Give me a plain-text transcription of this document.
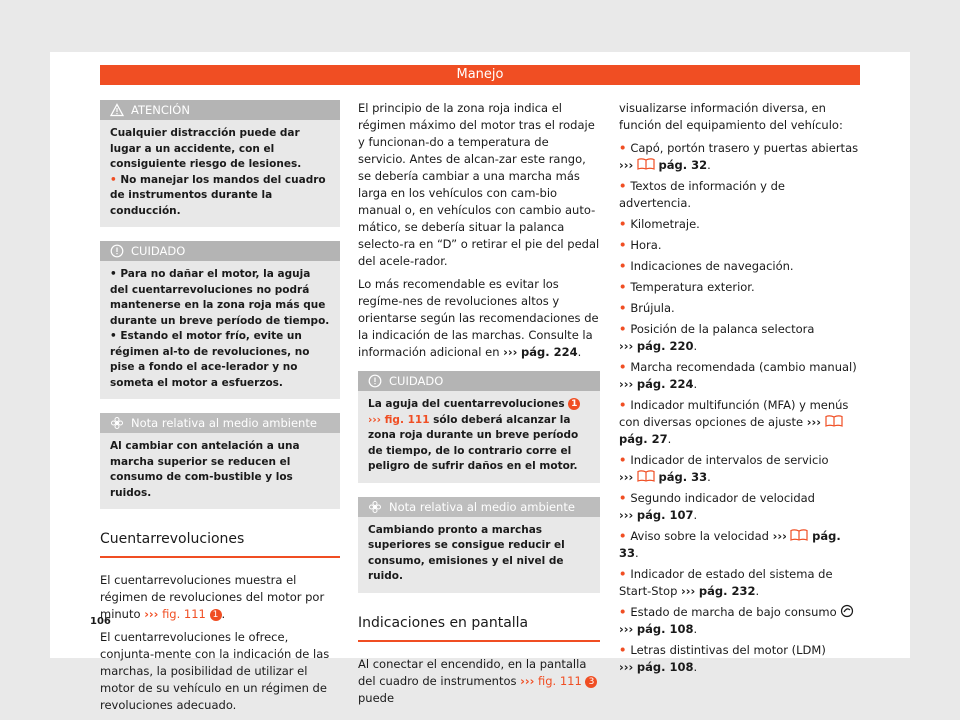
Manejo
ATENCIÓN

Cualquier distracción puede dar lugar a un accidente, con el consiguiente riesgo de lesiones.

• No manejar los mandos del cuadro de instrumentos durante la conducción.

CUIDADO

• Para no dañar el motor, la aguja del cuentarrevoluciones no podrá mantenerse en la zona roja más que durante un breve período de tiempo.

• Estando el motor frío, evite un régimen al-to de revoluciones, no pise a fondo el ace-lerador y no someta el motor a esfuerzos.

Nota relativa al medio ambiente

Al cambiar con antelación a una marcha superior se reducen el consumo de com-bustible y los ruidos.

Cuentarrevoluciones

El cuentarrevoluciones muestra el régimen de revoluciones del motor por minuto ››› fig. 111 1 .

El cuentarrevoluciones le ofrece, conjunta-mente con la indicación de las marchas, la posibilidad de utilizar el motor de su vehículo en un régimen de revoluciones adecuado.

El principio de la zona roja indica el régimen máximo del motor tras el rodaje y funcionan-do a temperatura de servicio. Antes de alcan-zar este rango, se debería cambiar a una marcha más larga en los vehículos con cam-bio manual o, en vehículos con cambio auto-mático, se debería situar la palanca selecto-ra en “D” o retirar el pie del pedal del acele-rador.

Lo más recomendable es evitar los regíme-nes de revoluciones altos y orientarse según las recomendaciones de la indicación de las marchas. Consulte la información adicional en ››› pág. 224.

CUIDADO

La aguja del cuentarrevoluciones 1 ››› fig. 111 sólo deberá alcanzar la zona roja durante un breve período de tiempo, de lo contrario corre el peligro de sufrir daños en el motor.

Nota relativa al medio ambiente

Cambiando pronto a marchas superiores se consigue reducir el consumo, emisiones y el nivel de ruido.

Indicaciones en pantalla

Al conectar el encendido, en la pantalla del cuadro de instrumentos ››› fig. 111 3 puede

visualizarse información diversa, en función del equipamiento del vehículo:

• Capó, portón trasero y puertas abiertas
››› pág. 32.
• Textos de información y de advertencia.
• Kilometraje.
• Hora.
• Indicaciones de navegación.
• Temperatura exterior.
• Brújula.
• Posición de la palanca selectora
››› pág. 220.
• Marcha recomendada (cambio manual)
››› pág. 224.
• Indicador multifunción (MFA) y menús con diversas opciones de ajuste ›››  pág. 27.
• Indicador de intervalos de servicio
››› pág. 33.
• Segundo indicador de velocidad
››› pág. 107.
• Aviso sobre la velocidad ››› pág. 33.
• Indicador de estado del sistema de Start-Stop ››› pág. 232.
• Estado de marcha de bajo consumo
››› pág. 108.
• Letras distintivas del motor (LDM)
››› pág. 108.
106
